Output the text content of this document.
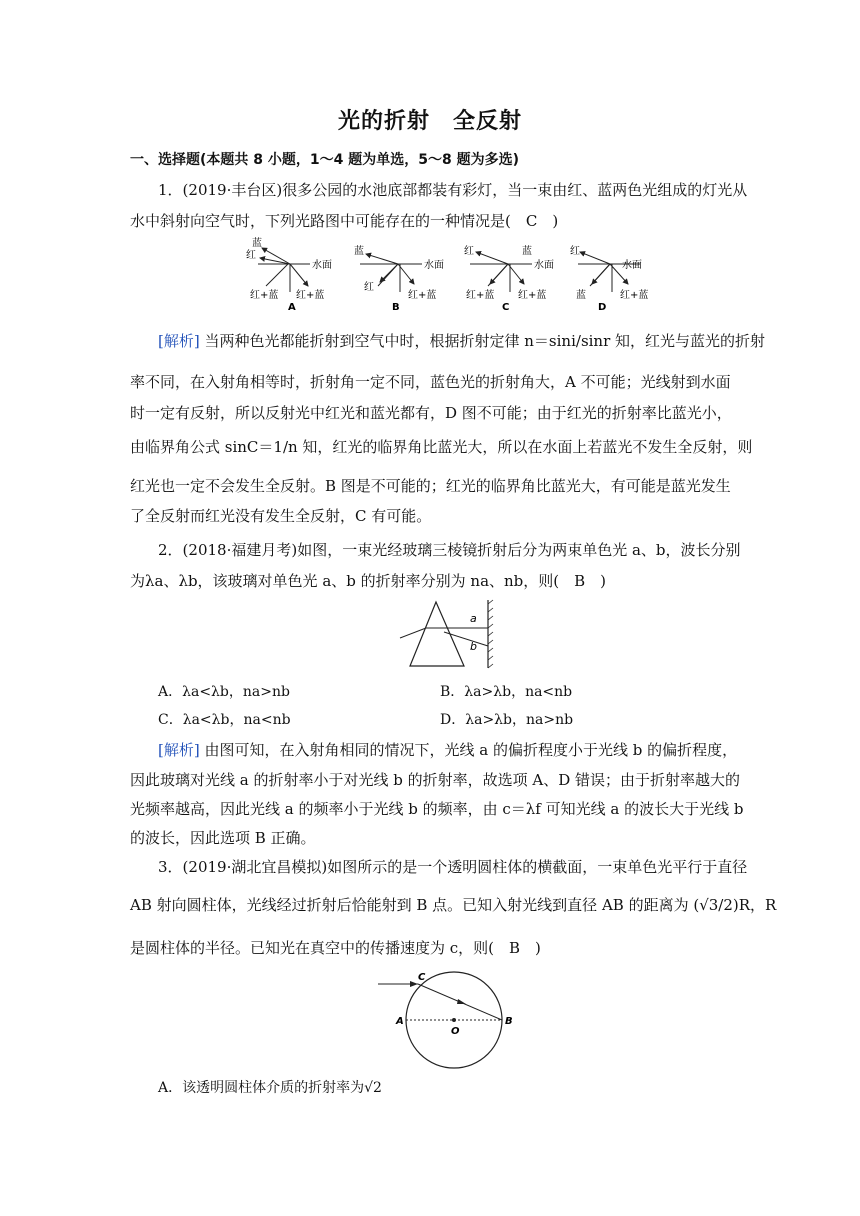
光的折射　全反射
一、选择题(本题共 8 小题，1～4 题为单选，5～8 题为多选)
1．(2019·丰台区)很多公园的水池底部都装有彩灯，当一束由红、蓝两色光组成的灯光从
水中斜射向空气时，下列光路图中可能存在的一种情况是(　C　)
蓝
红
水面
红+蓝 红+蓝
A
蓝
水面
红
红+蓝
B
红	蓝
水面
红+蓝 红+蓝
C
红
水面
蓝	红+蓝
D
[解析] 当两种色光都能折射到空气中时，根据折射定律 n＝sini/sinr 知，红光与蓝光的折射
率不同，在入射角相等时，折射角一定不同，蓝色光的折射角大，A 不可能；光线射到水面
时一定有反射，所以反射光中红光和蓝光都有，D 图不可能；由于红光的折射率比蓝光小，
由临界角公式 sinC＝1/n 知，红光的临界角比蓝光大，所以在水面上若蓝光不发生全反射，则
红光也一定不会发生全反射。B 图是不可能的；红光的临界角比蓝光大，有可能是蓝光发生
了全反射而红光没有发生全反射，C 有可能。
2．(2018·福建月考)如图，一束光经玻璃三棱镜折射后分为两束单色光 a、b，波长分别
为λa、λb，该玻璃对单色光 a、b 的折射率分别为 na、nb，则(　B　)
a
b
A．λa<λb，na>nb	B．λa>λb，na<nb
C．λa<λb，na<nb	D．λa>λb，na>nb
[解析] 由图可知，在入射角相同的情况下，光线 a 的偏折程度小于光线 b 的偏折程度，
因此玻璃对光线 a 的折射率小于对光线 b 的折射率，故选项 A、D 错误；由于折射率越大的
光频率越高，因此光线 a 的频率小于光线 b 的频率，由 c＝λf 可知光线 a 的波长大于光线 b
的波长，因此选项 B 正确。
3．(2019·湖北宜昌模拟)如图所示的是一个透明圆柱体的横截面，一束单色光平行于直径
AB 射向圆柱体，光线经过折射后恰能射到 B 点。已知入射光线到直径 AB 的距离为 (√3/2)R，R
是圆柱体的半径。已知光在真空中的传播速度为 c，则(　B　)
C
A	B
O
A．该透明圆柱体介质的折射率为√2
